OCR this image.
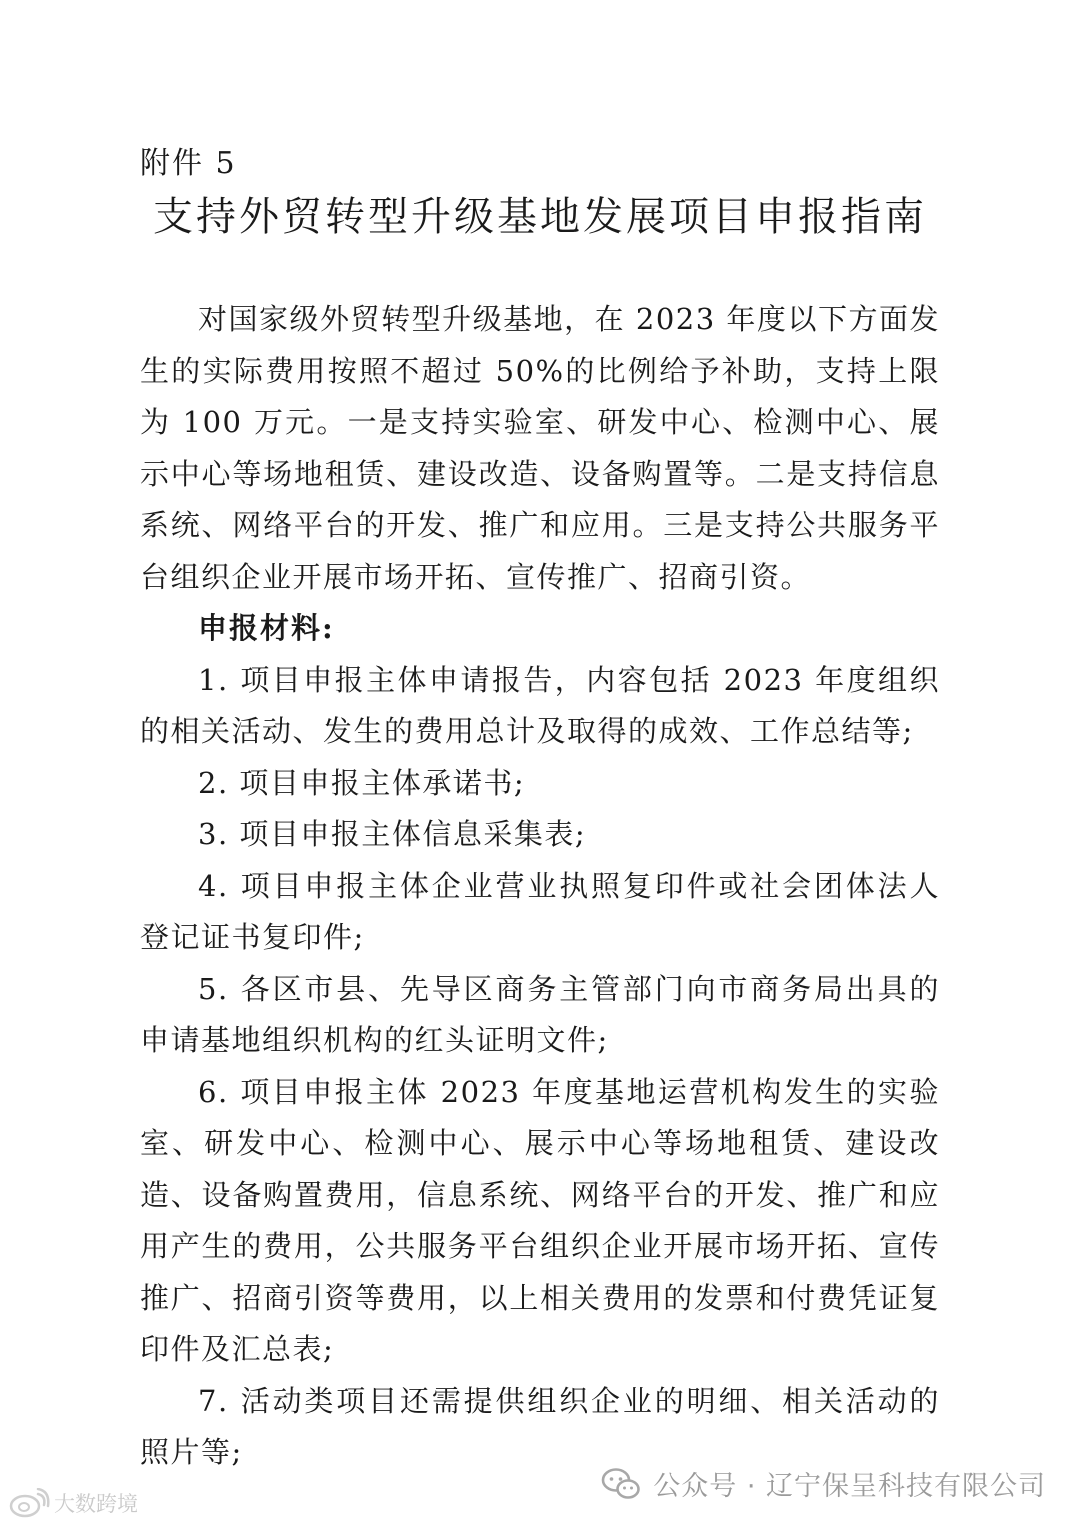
附件 5
支持外贸转型升级基地发展项目申报指南

对国家级外贸转型升级基地，在 2023 年度以下方面发生的实际费用按照不超过 50%的比例给予补助，支持上限为 100 万元。一是支持实验室、研发中心、检测中心、展示中心等场地租赁、建设改造、设备购置等。二是支持信息系统、网络平台的开发、推广和应用。三是支持公共服务平台组织企业开展市场开拓、宣传推广、招商引资。

申报材料:

1. 项目申报主体申请报告，内容包括 2023 年度组织的相关活动、发生的费用总计及取得的成效、工作总结等;

2. 项目申报主体承诺书;

3. 项目申报主体信息采集表;

4. 项目申报主体企业营业执照复印件或社会团体法人登记证书复印件;

5. 各区市县、先导区商务主管部门向市商务局出具的申请基地组织机构的红头证明文件;

6. 项目申报主体 2023 年度基地运营机构发生的实验室、研发中心、检测中心、展示中心等场地租赁、建设改造、设备购置费用，信息系统、网络平台的开发、推广和应用产生的费用，公共服务平台组织企业开展市场开拓、宣传推广、招商引资等费用，以上相关费用的发票和付费凭证复印件及汇总表;

7. 活动类项目还需提供组织企业的明细、相关活动的照片等;

大数跨境
公众号 · 辽宁保呈科技有限公司
